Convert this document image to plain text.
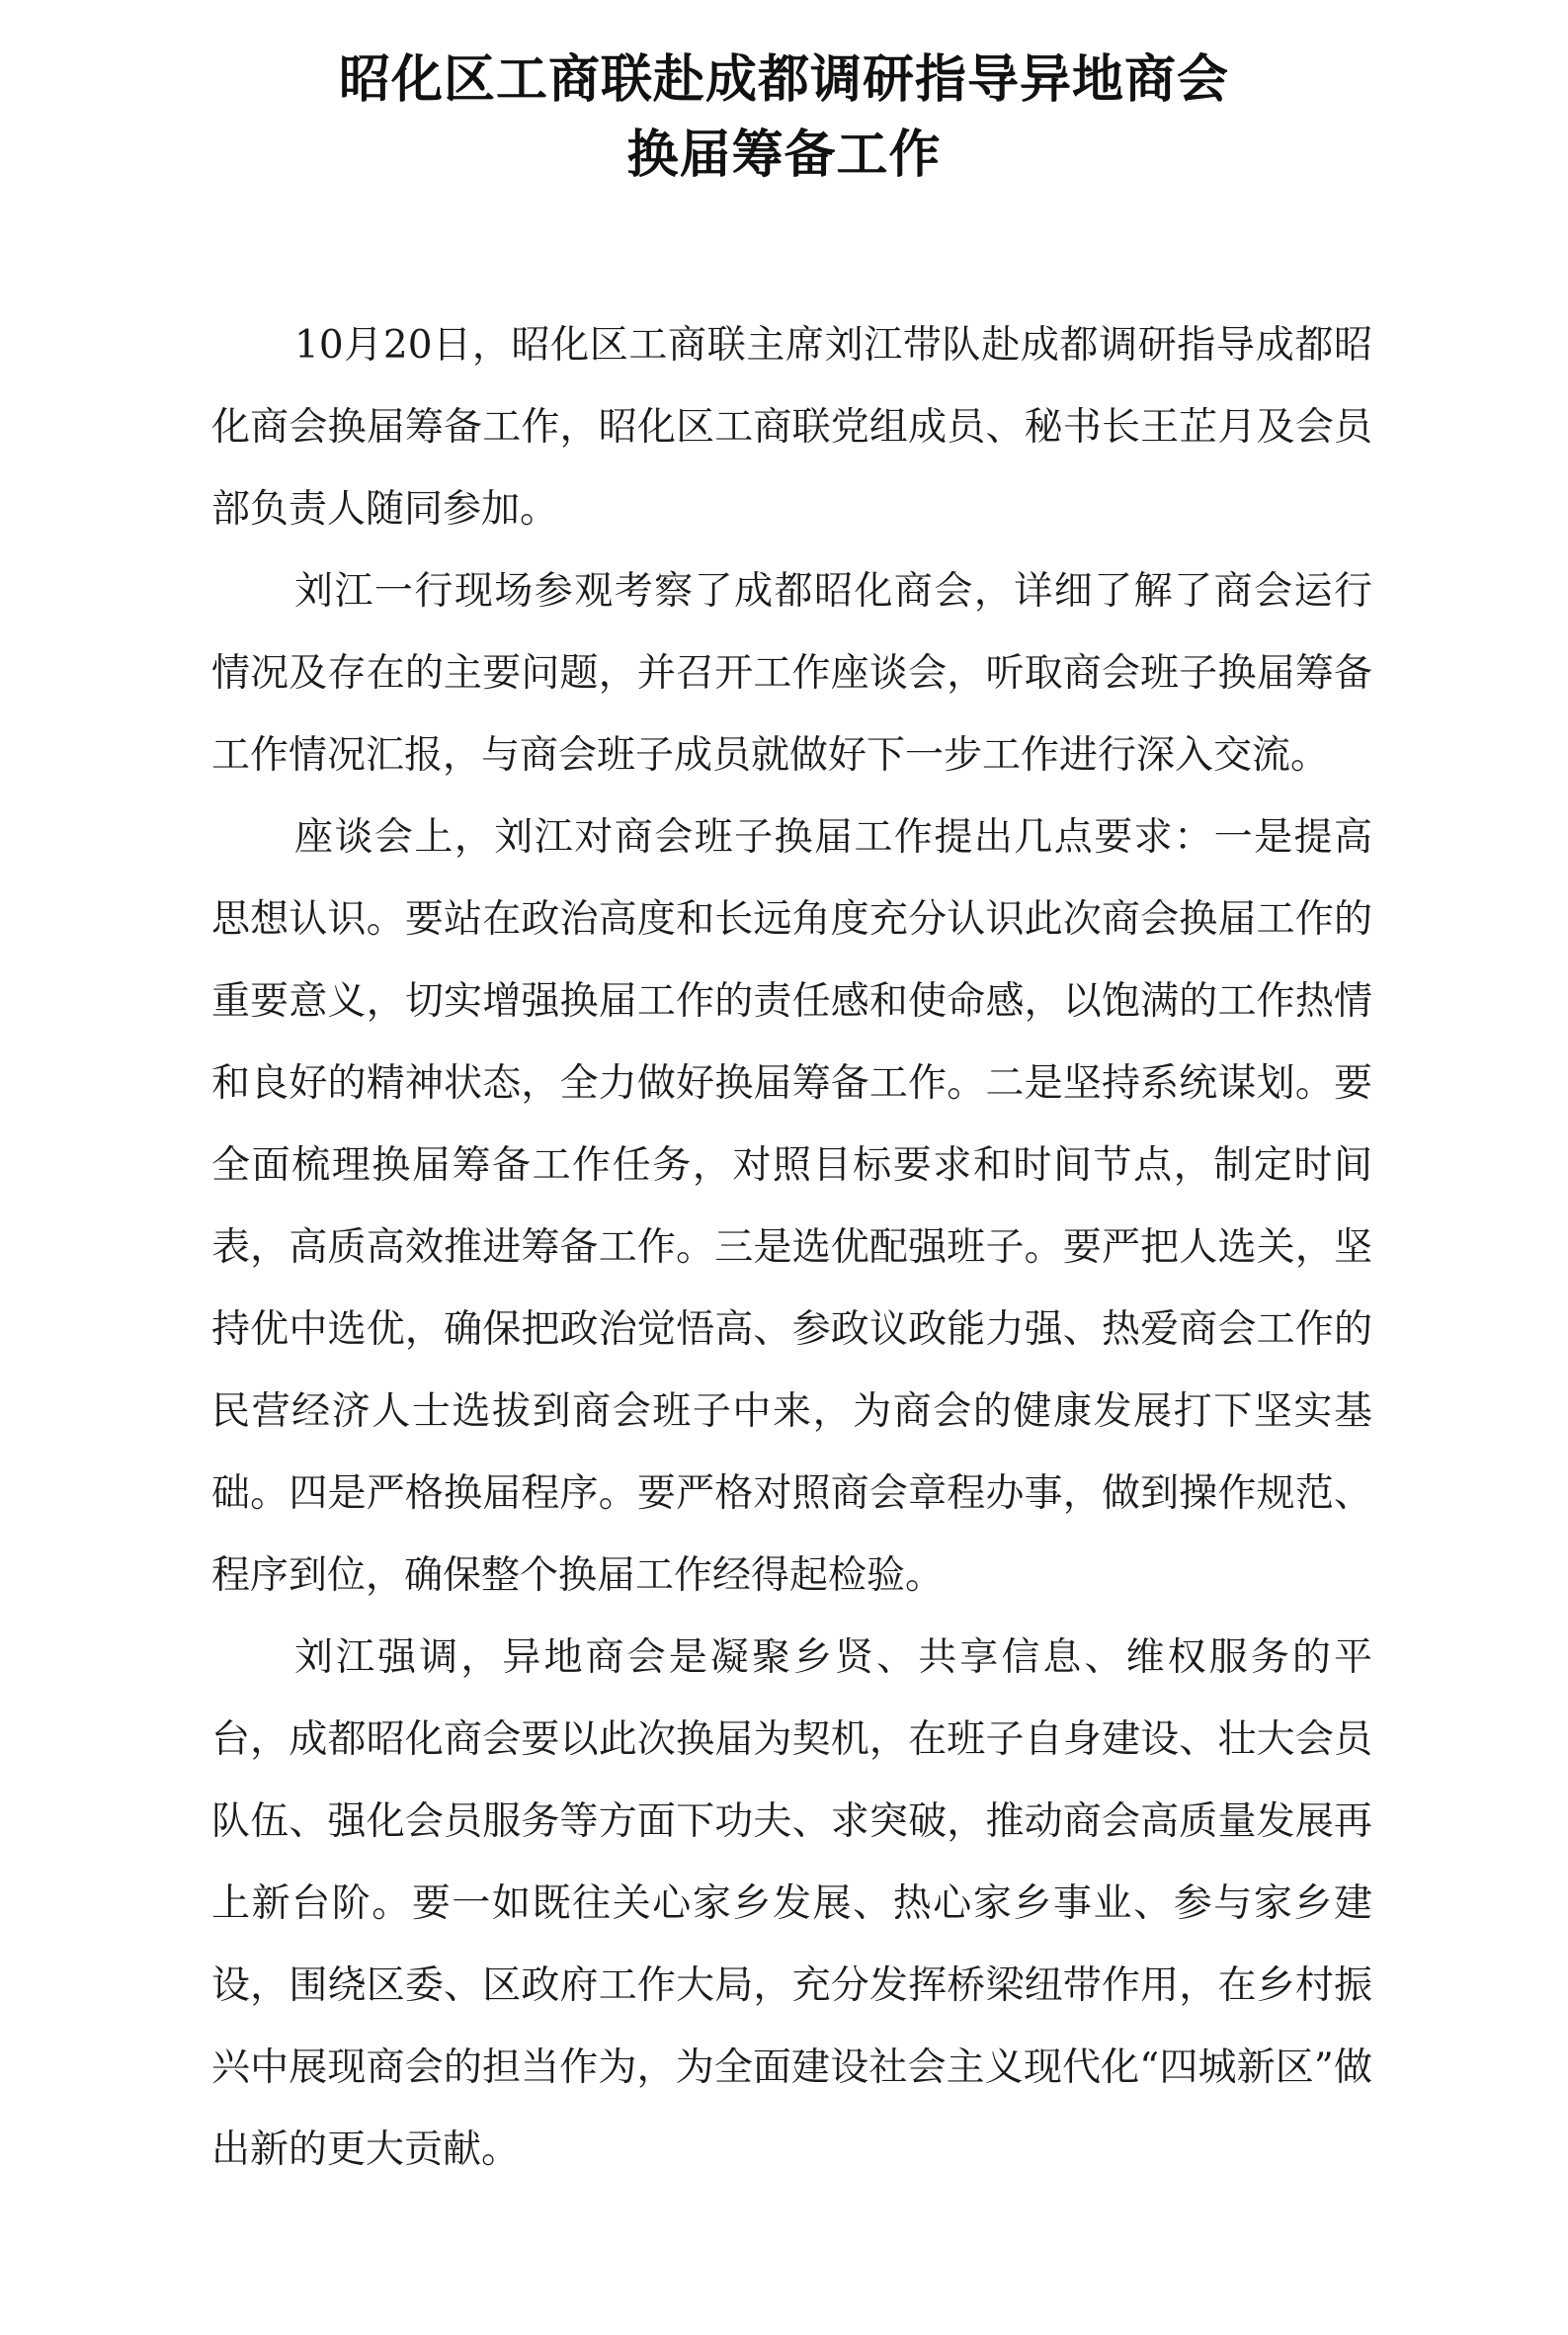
昭化区工商联赴成都调研指导异地商会
换届筹备工作

10月20日，昭化区工商联主席刘江带队赴成都调研指导成都昭化商会换届筹备工作，昭化区工商联党组成员、秘书长王芷月及会员部负责人随同参加。

刘江一行现场参观考察了成都昭化商会，详细了解了商会运行情况及存在的主要问题，并召开工作座谈会，听取商会班子换届筹备工作情况汇报，与商会班子成员就做好下一步工作进行深入交流。

座谈会上，刘江对商会班子换届工作提出几点要求：一是提高思想认识。要站在政治高度和长远角度充分认识此次商会换届工作的重要意义，切实增强换届工作的责任感和使命感，以饱满的工作热情和良好的精神状态，全力做好换届筹备工作。二是坚持系统谋划。要全面梳理换届筹备工作任务，对照目标要求和时间节点，制定时间表，高质高效推进筹备工作。三是选优配强班子。要严把人选关，坚持优中选优，确保把政治觉悟高、参政议政能力强、热爱商会工作的民营经济人士选拔到商会班子中来，为商会的健康发展打下坚实基础。四是严格换届程序。要严格对照商会章程办事，做到操作规范、程序到位，确保整个换届工作经得起检验。

刘江强调，异地商会是凝聚乡贤、共享信息、维权服务的平台，成都昭化商会要以此次换届为契机，在班子自身建设、壮大会员队伍、强化会员服务等方面下功夫、求突破，推动商会高质量发展再上新台阶。要一如既往关心家乡发展、热心家乡事业、参与家乡建设，围绕区委、区政府工作大局，充分发挥桥梁纽带作用，在乡村振兴中展现商会的担当作为，为全面建设社会主义现代化“四城新区”做出新的更大贡献。
